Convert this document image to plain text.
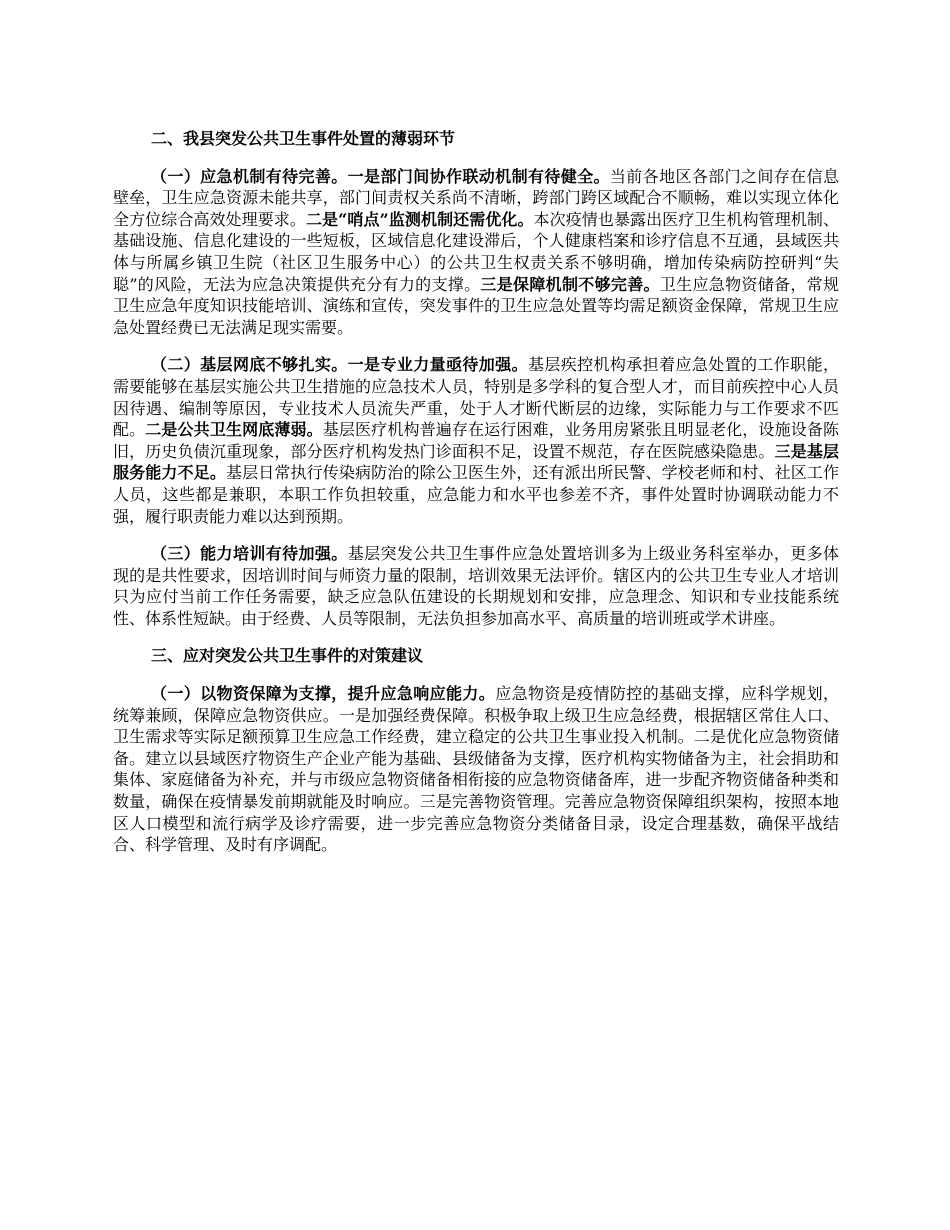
二、我县突发公共卫生事件处置的薄弱环节
（一）应急机制有待完善。一是部门间协作联动机制有待健全。当前各地区各部门之间存在信息壁垒，卫生应急资源未能共享，部门间责权关系尚不清晰，跨部门跨区域配合不顺畅，难以实现立体化全方位综合高效处理要求。二是“哨点”监测机制还需优化。本次疫情也暴露出医疗卫生机构管理机制、基础设施、信息化建设的一些短板，区域信息化建设滞后，个人健康档案和诊疗信息不互通，县域医共体与所属乡镇卫生院（社区卫生服务中心）的公共卫生权责关系不够明确，增加传染病防控研判“失聪”的风险，无法为应急决策提供充分有力的支撑。三是保障机制不够完善。卫生应急物资储备，常规卫生应急年度知识技能培训、演练和宣传，突发事件的卫生应急处置等均需足额资金保障，常规卫生应急处置经费已无法满足现实需要。
（二）基层网底不够扎实。一是专业力量亟待加强。基层疾控机构承担着应急处置的工作职能，需要能够在基层实施公共卫生措施的应急技术人员，特别是多学科的复合型人才，而目前疾控中心人员因待遇、编制等原因，专业技术人员流失严重，处于人才断代断层的边缘，实际能力与工作要求不匹配。二是公共卫生网底薄弱。基层医疗机构普遍存在运行困难，业务用房紧张且明显老化，设施设备陈旧，历史负债沉重现象，部分医疗机构发热门诊面积不足，设置不规范，存在医院感染隐患。三是基层服务能力不足。基层日常执行传染病防治的除公卫医生外，还有派出所民警、学校老师和村、社区工作人员，这些都是兼职，本职工作负担较重，应急能力和水平也参差不齐，事件处置时协调联动能力不强，履行职责能力难以达到预期。
（三）能力培训有待加强。基层突发公共卫生事件应急处置培训多为上级业务科室举办，更多体现的是共性要求，因培训时间与师资力量的限制，培训效果无法评价。辖区内的公共卫生专业人才培训只为应付当前工作任务需要，缺乏应急队伍建设的长期规划和安排，应急理念、知识和专业技能系统性、体系性短缺。由于经费、人员等限制，无法负担参加高水平、高质量的培训班或学术讲座。
三、应对突发公共卫生事件的对策建议
（一）以物资保障为支撑，提升应急响应能力。应急物资是疫情防控的基础支撑，应科学规划，统筹兼顾，保障应急物资供应。一是加强经费保障。积极争取上级卫生应急经费，根据辖区常住人口、卫生需求等实际足额预算卫生应急工作经费，建立稳定的公共卫生事业投入机制。二是优化应急物资储备。建立以县域医疗物资生产企业产能为基础、县级储备为支撑，医疗机构实物储备为主，社会捐助和集体、家庭储备为补充，并与市级应急物资储备相衔接的应急物资储备库，进一步配齐物资储备种类和数量，确保在疫情暴发前期就能及时响应。三是完善物资管理。完善应急物资保障组织架构，按照本地区人口模型和流行病学及诊疗需要，进一步完善应急物资分类储备目录，设定合理基数，确保平战结合、科学管理、及时有序调配。
